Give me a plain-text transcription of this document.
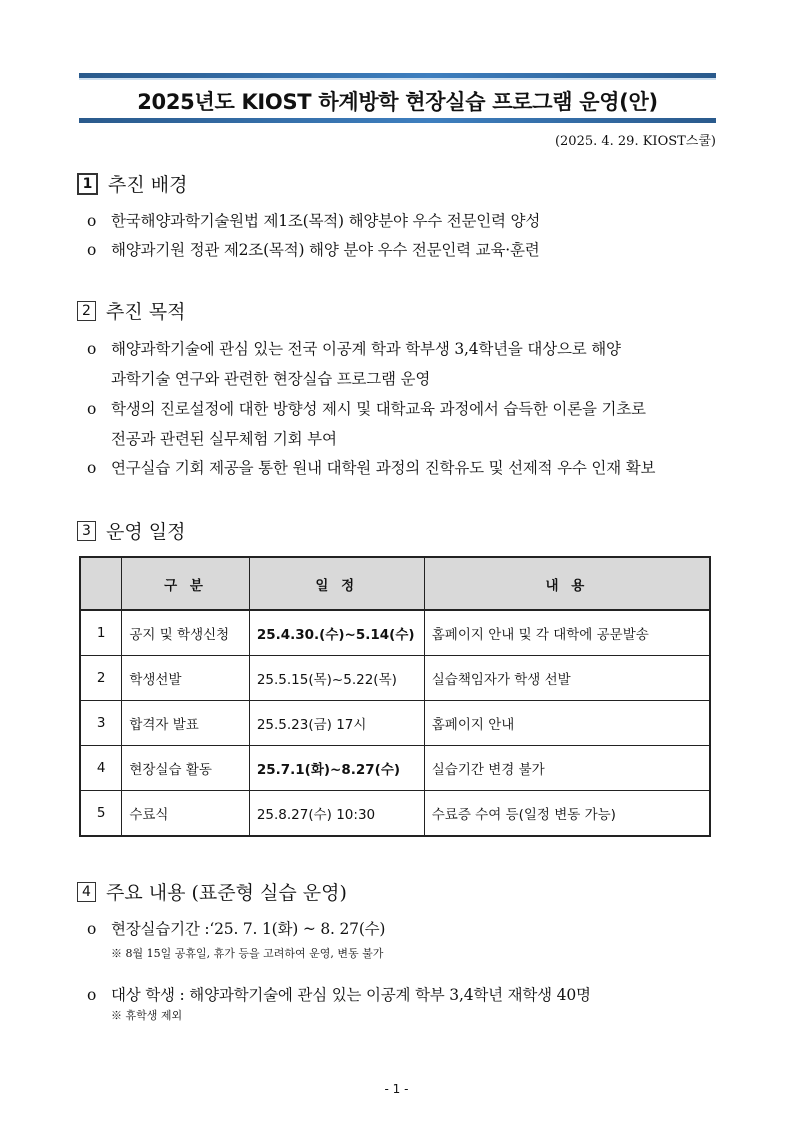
2025년도 KIOST 하계방학 현장실습 프로그램 운영(안)
(2025. 4. 29. KIOST스쿨)
1 추진 배경
o 한국해양과학기술원법 제1조(목적) 해양분야 우수 전문인력 양성
o 해양과기원 정관 제2조(목적) 해양 분야 우수 전문인력 교육·훈련
2 추진 목적
o 해양과학기술에 관심 있는 전국 이공계 학과 학부생 3,4학년을 대상으로 해양
과학기술 연구와 관련한 현장실습 프로그램 운영
o 학생의 진로설정에 대한 방향성 제시 및 대학교육 과정에서 습득한 이론을 기초로
전공과 관련된 실무체험 기회 부여
o 연구실습 기회 제공을 통한 원내 대학원 과정의 진학유도 및 선제적 우수 인재 확보
3 운영 일정
	구 분	일 정	내 용
1	공지 및 학생신청	25.4.30.(수)~5.14(수)	홈페이지 안내 및 각 대학에 공문발송
2	학생선발	25.5.15(목)~5.22(목)	실습책임자가 학생 선발
3	합격자 발표	25.5.23(금) 17시	홈페이지 안내
4	현장실습 활동	25.7.1(화)~8.27(수)	실습기간 변경 불가
5	수료식	25.8.27(수) 10:30	수료증 수여 등(일정 변동 가능)
4 주요 내용 (표준형 실습 운영)
o 현장실습기간 :‘25. 7. 1(화) ~ 8. 27(수)
※ 8월 15일 공휴일, 휴가 등을 고려하여 운영, 변동 불가
o 대상 학생 : 해양과학기술에 관심 있는 이공계 학부 3,4학년 재학생 40명
※ 휴학생 제외
- 1 -
